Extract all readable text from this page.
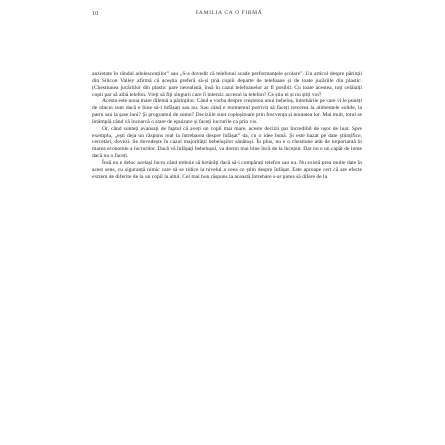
10	FAMILIA CA O FIRMĂ

anxietate în rândul adolescenților” sau „S-a dovedit că telefonul scade performanțele școlare”. Un articol despre părinții din Silicon Valley afirmă că aceștia preferă să-și țină copiii departe de telefoane și de toate jucăriile din plastic. (Chestiunea jucăriilor din plastic pare nerealistă, însă în cazul telefoanelor ar fi posibil. Cu toate acestea, toți celălalți copii par să aibă telefon. Vreți să fiți singurii care îi interzic accesul la telefon? Ce știu ei și nu știți voi?

Acesta este noua mare dilemă a părinților. Când e vorba despre creșterea unui bebeluș, întrebările pe care vi le puneți de obicei sunt dacă e bine să-l înfășați sau nu. Sau când e momentul potrivit să faceți trecerea la alimentele solide, la patru sau la șase luni? Și programul de somn? Deciziile sunt copleșitoare prin frecvența și noutatea lor. Mai mult, totul se întâmplă când vă încearcă o stare de epuizare și faceți lucrurile ca prin vis.

Or, când sunteți avansați de faptul că aveți un copil mai mare, aceste decizii par încredibil de ușor de luat. Spre exemplu, „ești deja un răspuns real la întrebarea despre înfășat” da, cu o idee bună. Și este bazat pe date științifice, cercetări, dovezi. Se dovedește în cazul majorității bebelușilor sănătoși. În plus, nu e o chestiune atât de importantă în marea economie a lucrurilor. Dacă vă înfășați bebelușul, va dormi mai bine încă de la început. Dar nu e un capăt de lume dacă nu o faceți.

Însă nu e deloc același lucru când trebuie să hotărâți dacă să-i cumpărați telefon sau nu. Nu există prea multe date în acest sens, cu siguranță nimic care să se ridice la nivelul a ceea ce știm despre înfășat. Este aproape cert că are efecte extrem de diferite de la un copil la altul. Cel mai bun răspuns la această întrebare s-ar putea să difere de la
